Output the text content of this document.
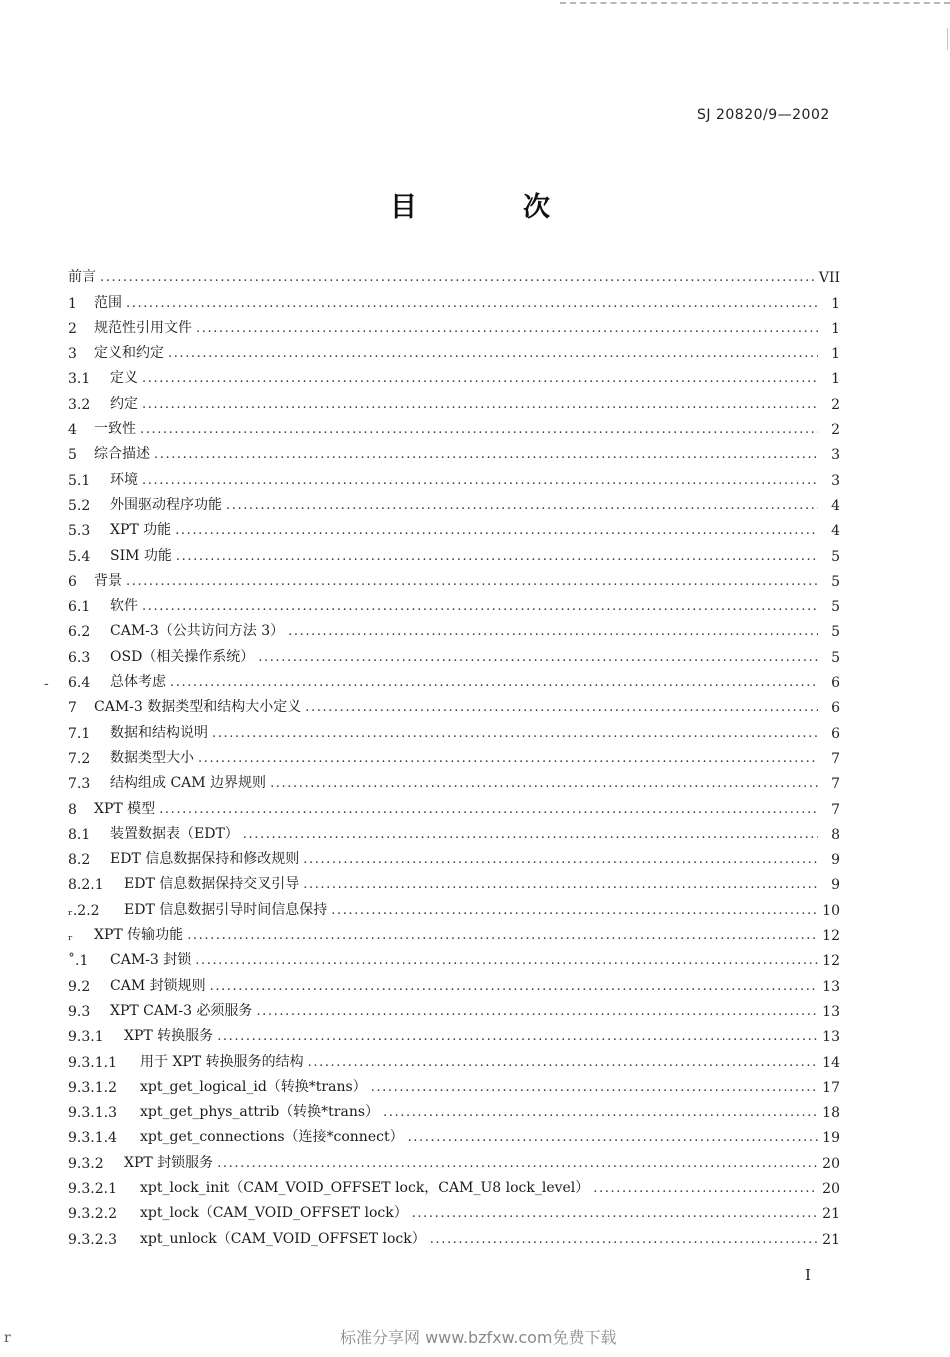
SJ 20820/9—2002
目	次
-
前言 .....	VII
1	范围 .....	1
2	规范性引用文件 .....	1
3	定义和约定 .....	1
3.1	定义 .....	1
3.2	约定 .....	2
4	一致性 .....	2
5	综合描述 .....	3
5.1	环境 .....	3
5.2	外围驱动程序功能 .....	4
5.3	XPT 功能 .....	4
5.4	SIM 功能 .....	5
6	背景 .....	5
6.1	软件 .....	5
6.2	CAM-3（公共访问方法 3） .....	5
6.3	OSD（相关操作系统） .....	5
6.4	总体考虑 .....	6
7	CAM-3 数据类型和结构大小定义 .....	6
7.1	数据和结构说明 .....	6
7.2	数据类型大小 .....	7
7.3	结构组成 CAM 边界规则 .....	7
8	XPT 模型 .....	7
8.1	装置数据表（EDT） .....	8
8.2	EDT 信息数据保持和修改规则 .....	9
8.2.1	EDT 信息数据保持交叉引导 .....	9
ᵣ.2.2	EDT 信息数据引导时间信息保持 .....	10
ᵣ	XPT 传输功能 .....	12
˚.1	CAM-3 封锁 .....	12
9.2	CAM 封锁规则 .....	13
9.3	XPT CAM-3 必须服务 .....	13
9.3.1	XPT 转换服务 .....	13
9.3.1.1	用于 XPT 转换服务的结构 .....	14
9.3.1.2	xpt_get_logical_id（转换*trans） .....	17
9.3.1.3	xpt_get_phys_attrib（转换*trans） .....	18
9.3.1.4	xpt_get_connections（连接*connect） .....	19
9.3.2	XPT 封锁服务 .....	20
9.3.2.1	xpt_lock_init（CAM_VOID_OFFSET lock，CAM_U8 lock_level） .....	20
9.3.2.2	xpt_lock（CAM_VOID_OFFSET lock） .....	21
9.3.2.3	xpt_unlock（CAM_VOID_OFFSET lock） .....	21
I
标准分享网 www.bzfxw.com免费下载
r
